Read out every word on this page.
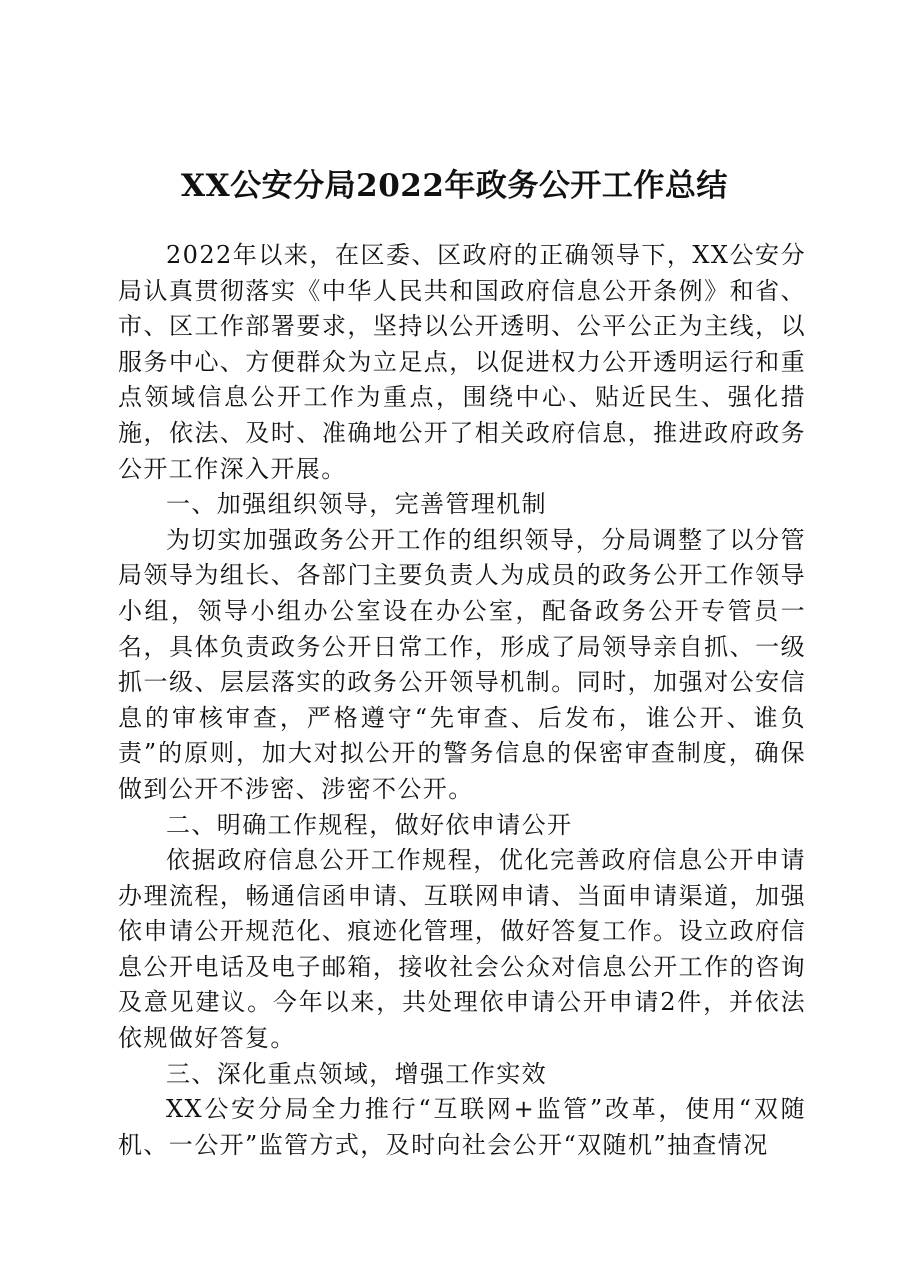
XX公安分局2022年政务公开工作总结

2022年以来，在区委、区政府的正确领导下，XX公安分局认真贯彻落实《中华人民共和国政府信息公开条例》和省、市、区工作部署要求，坚持以公开透明、公平公正为主线，以服务中心、方便群众为立足点，以促进权力公开透明运行和重点领域信息公开工作为重点，围绕中心、贴近民生、强化措施，依法、及时、准确地公开了相关政府信息，推进政府政务公开工作深入开展。

一、加强组织领导，完善管理机制

为切实加强政务公开工作的组织领导，分局调整了以分管局领导为组长、各部门主要负责人为成员的政务公开工作领导小组，领导小组办公室设在办公室，配备政务公开专管员一名，具体负责政务公开日常工作，形成了局领导亲自抓、一级抓一级、层层落实的政务公开领导机制。同时，加强对公安信息的审核审查，严格遵守“先审查、后发布，谁公开、谁负责”的原则，加大对拟公开的警务信息的保密审查制度，确保做到公开不涉密、涉密不公开。

二、明确工作规程，做好依申请公开

依据政府信息公开工作规程，优化完善政府信息公开申请办理流程，畅通信函申请、互联网申请、当面申请渠道，加强依申请公开规范化、痕迹化管理，做好答复工作。设立政府信息公开电话及电子邮箱，接收社会公众对信息公开工作的咨询及意见建议。今年以来，共处理依申请公开申请2件，并依法依规做好答复。

三、深化重点领域，增强工作实效

XX公安分局全力推行“互联网+监管”改革，使用“双随机、一公开”监管方式，及时向社会公开“双随机”抽查情况
